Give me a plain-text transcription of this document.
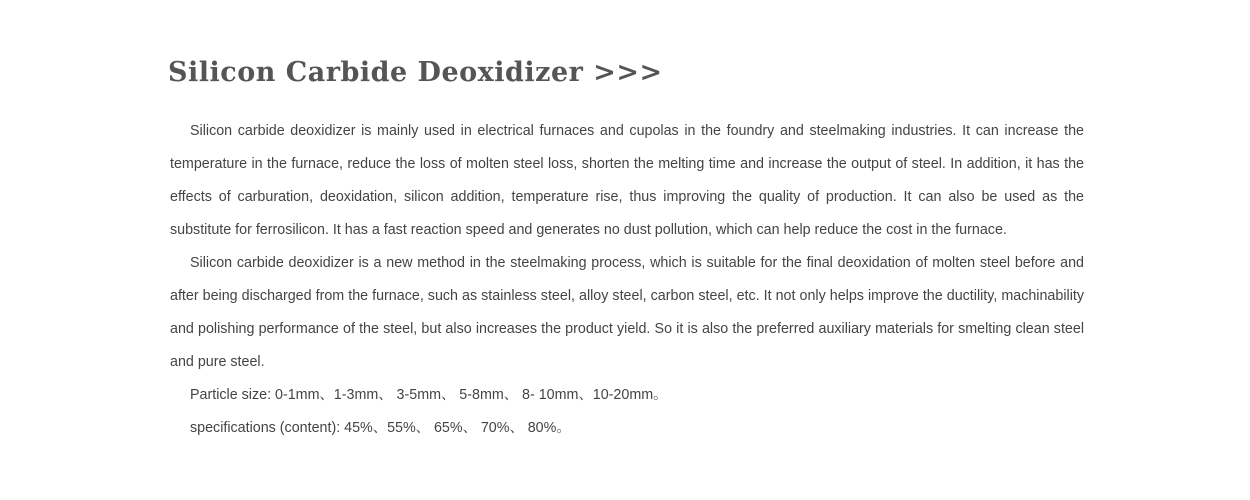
Silicon Carbide Deoxidizer >>>

Silicon carbide deoxidizer is mainly used in electrical furnaces and cupolas in the foundry and steelmaking industries. It can increase the temperature in the furnace, reduce the loss of molten steel loss, shorten the melting time and increase the output of steel. In addition, it has the effects of carburation, deoxidation, silicon addition, temperature rise, thus improving the quality of production. It can also be used as the substitute for ferrosilicon. It has a fast reaction speed and generates no dust pollution, which can help reduce the cost in the furnace.

Silicon carbide deoxidizer is a new method in the steelmaking process, which is suitable for the final deoxidation of molten steel before and after being discharged from the furnace, such as stainless steel, alloy steel, carbon steel, etc. It not only helps improve the ductility, machinability and polishing performance of the steel, but also increases the product yield. So it is also the preferred auxiliary materials for smelting clean steel and pure steel.

Particle size: 0-1mm、1-3mm、 3-5mm、 5-8mm、 8- 10mm、10-20mm。

specifications (content): 45%、55%、 65%、 70%、 80%。
